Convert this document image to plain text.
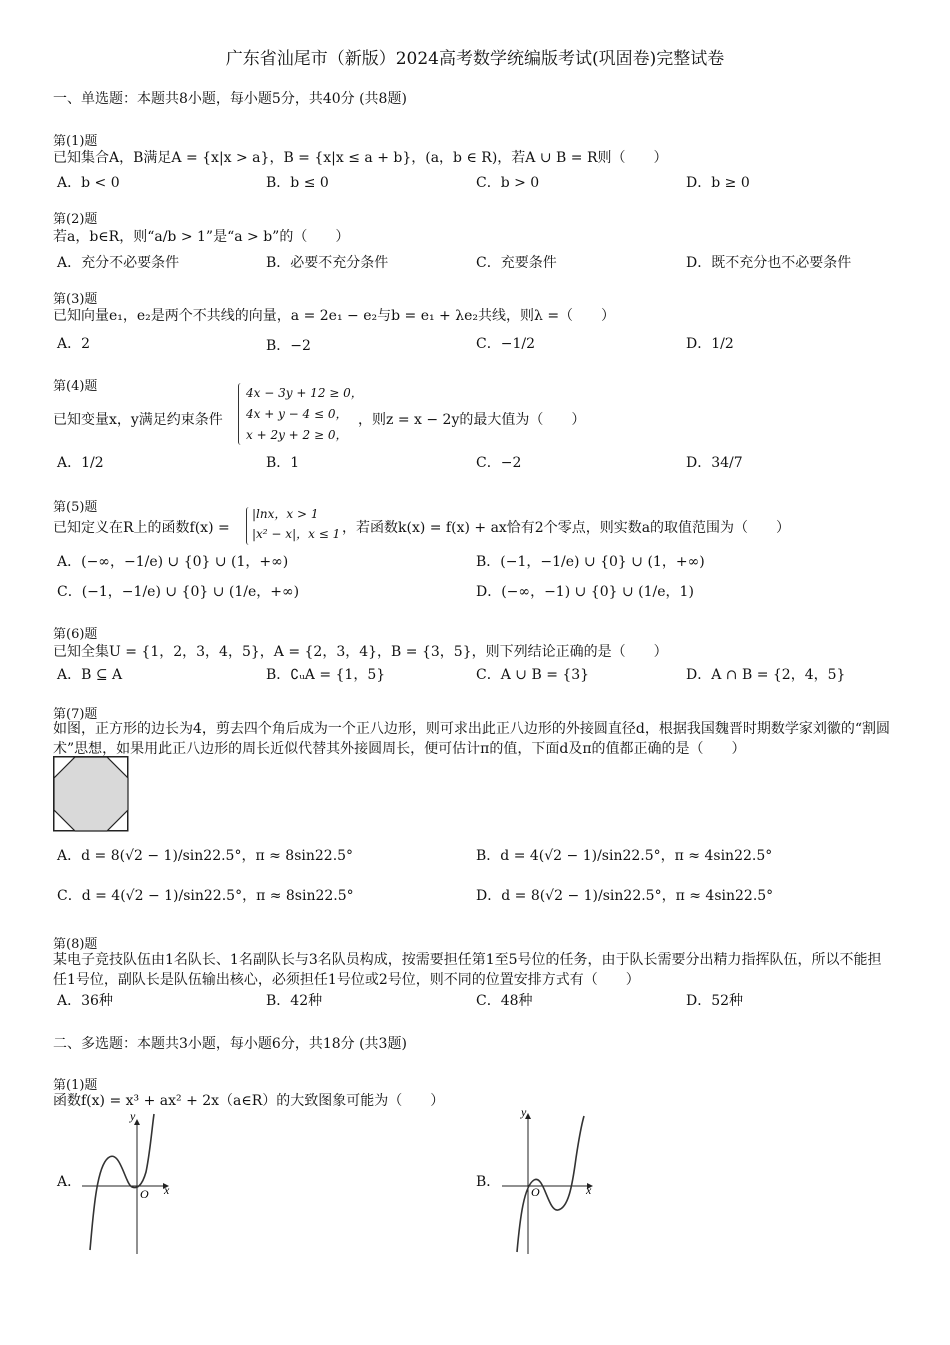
广东省汕尾市（新版）2024高考数学统编版考试(巩固卷)完整试卷
一、单选题：本题共8小题，每小题5分，共40分 (共8题)
第(1)题
已知集合A，B满足A = {x|x > a}，B = {x|x ≤ a + b}，(a，b ∈ R)，若A ∪ B = R则（　　）
A．b < 0	B．b ≤ 0	C．b > 0	D．b ≥ 0
第(2)题
若a，b∈R，则“a/b > 1”是“a > b”的（　　）
A．充分不必要条件	B．必要不充分条件	C．充要条件	D．既不充分也不必要条件
第(3)题
已知向量e₁，e₂是两个不共线的向量，a = 2e₁ − e₂与b = e₁ + λe₂共线，则λ =（　　）
A．2	B．−2	C．−1/2	D．1/2
第(4)题
已知变量x，y满足约束条件
4x − 3y + 12 ≥ 0，
4x + y − 4 ≤ 0，
x + 2y + 2 ≥ 0，
，则z = x − 2y的最大值为（　　）
A．1/2	B．1	C．−2	D．34/7
第(5)题
已知定义在R上的函数f(x) =
|lnx，x > 1
|x² − x|，x ≤ 1 ，若函数k(x) = f(x) + ax恰有2个零点，则实数a的取值范围为（　　）
A．(−∞，−1/e) ∪ {0} ∪ (1，+∞)	B．(−1，−1/e) ∪ {0} ∪ (1，+∞)
C．(−1，−1/e) ∪ {0} ∪ (1/e，+∞)	D．(−∞，−1) ∪ {0} ∪ (1/e，1)
第(6)题
已知全集U = {1，2，3，4，5}，A = {2，3，4}，B = {3，5}，则下列结论正确的是（　　）
A．B ⊆ A	B．∁ᵤA = {1，5}	C．A ∪ B = {3}	D．A ∩ B = {2，4，5}
第(7)题
如图，正方形的边长为4，剪去四个角后成为一个正八边形，则可求出此正八边形的外接圆直径d，根据我国魏晋时期数学家刘徽的“割圆术”思想，如果用此正八边形的周长近似代替其外接圆周长，便可估计π的值，下面d及π的值都正确的是（　　）
A．d = 8(√2 − 1)/sin22.5°，π ≈ 8sin22.5°	B．d = 4(√2 − 1)/sin22.5°，π ≈ 4sin22.5°
C．d = 4(√2 − 1)/sin22.5°，π ≈ 8sin22.5°	D．d = 8(√2 − 1)/sin22.5°，π ≈ 4sin22.5°
第(8)题
某电子竞技队伍由1名队长、1名副队长与3名队员构成，按需要担任第1至5号位的任务，由于队长需要分出精力指挥队伍，所以不能担任1号位，副队长是队伍输出核心，必须担任1号位或2号位，则不同的位置安排方式有（　　）
A．36种	B．42种	C．48种	D．52种
二、多选题：本题共3小题，每小题6分，共18分 (共3题)
第(1)题
函数f(x) = x³ + ax² + 2x（a∈R）的大致图象可能为（　　）
A．
O x
y
B．
O	x
y
